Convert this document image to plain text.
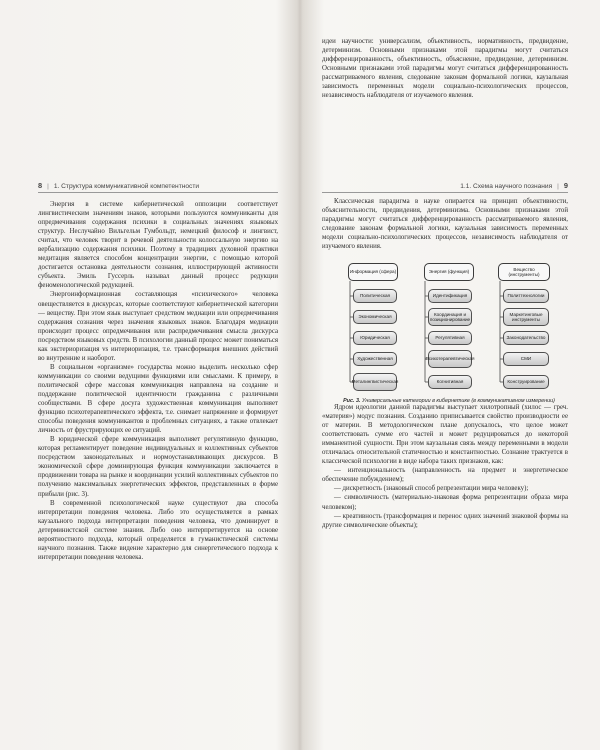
8 | 1. Структура коммуникативной компетентности

Энергия в системе кибернетической оппозиции соответствует лингвистическим значениям знаков, которыми пользуются коммуниканты для опредмечивания содержания психики в социальных значениях языковых структур. Неслучайно Вильгельм Гумбольдт, немецкий философ и лингвист, считал, что человек творит в речевой деятельности колоссальную энергию на вербализацию содержания психики. Поэтому в традициях духовной практики медитация является способом концентрации энергии, с помощью которой достигается остановка деятельности сознания, иллюстрирующей активности субъекта. Эмиль Гуссерль называл данный процесс редукции феноменологической редукцией.

Энергоинформационная составляющая «психического» человека овеществляется в дискурсах, которые соответствуют кибернетической категории — веществу. При этом язык выступает средством медиации или опредмечивания содержания сознания через значения языковых знаков. Благодаря медиации происходит процесс опредмечивания или распредмечивания смысла дискурса посредством языковых средств. В психологии данный процесс может пониматься как экстериоризация vs интериоризация, т.е. трансформация внешних действий во внутренние и наоборот.

В социальном «организме» государства можно выделить несколько сфер коммуникации со своими ведущими функциями или смыслами. К примеру, в политической сфере массовая коммуникация направлена на создание и поддержание политической идентичности гражданина с различными сообществами. В сфере досуга художественная коммуникация выполняет функцию психотерапевтического эффекта, т.е. снимает напряжение и формирует способы поведения коммуникантов в проблемных ситуациях, а также отвлекает личность от фрустрирующих ее ситуаций.

В юридической сфере коммуникация выполняет регулятивную функцию, которая регламентирует поведение индивидуальных и коллективных субъектов посредством законодательных и нормоустанавливающих дискурсов. В экономической сфере доминирующая функция коммуникации заключается в продвижении товара на рынке и координации усилий коллективных субъектов по получению максимальных энергетических эффектов, представленных в форме прибыли (рис. 3).

В современной психологической науке существуют два способа интерпретации поведения человека. Либо это осуществляется в рамках каузального подхода интерпретации поведения человека, что доминирует в детерминистской системе знания. Либо оно интерпретируется на основе вероятностного подхода, который определяется в гуманистической системы научного познания. Также видение характерно для синергетического подхода к интерпретации поведения человека.

идеи научности: универсализм, объективность, нормативность, предвидение, детерминизм. Основными признаками этой парадигмы могут считаться дифференцированность, объективность, объяснение, предвидение, детерминизм. Основными признаками этой парадигмы могут считаться дифференцированность рассматриваемого явления, следование законам формальной логики, каузальная зависимость переменных модели социально-психологических процессов, независимость наблюдателя от изучаемого явления.

1.1. Схема научного познания | 9

Классическая парадигма в науке опирается на принцип объективности, объяснительности, предвидения, детерминизма. Основными признаками этой парадигмы могут считаться дифференцированность рассматриваемого явления, следование законам формальной логики, каузальная зависимость переменных модели социально-психологических процессов, независимость наблюдателя от изучаемого явления.

Информация (сфера)	Энергия (функция)
Вещество (инструменты)
Политическая
Экономическая
Юридическая
Художественная
Металингвистическая
Идентификация
Координация и позиционирование
Регулятивная
Психотерапевтическая
Когнитивная
Политтехнологии
Маркетинговые инструменты
Законодательство
СМИ
Конструирование
Рис. 3. Универсальные категории в кибернетике (в коммуникативном измерении)

Ядром идеологии данной парадигмы выступает хилотропный (хилос — греч. «материя») модус познания. Созданию приписывается свойство производности ее от материи. В методологическом плане допускалось, что целое может соответствовать сумме его частей и может редуцироваться до некоторой имманентной сущности. При этом каузальная связь между переменными в модели отличалась относительной статичностью и константностью. Сознание трактуется в классической психологии в виде набора таких признаков, как:

— интенциональность (направленность на предмет и энергетическое обеспечение побуждением);

— дискретность (знаковый способ репрезентации мира человеку);

— символичность (материально-знаковая форма репрезентации образа мира человеком);

— креативность (трансформация и перенос одних значений знаковой формы на другие символические объекты);
